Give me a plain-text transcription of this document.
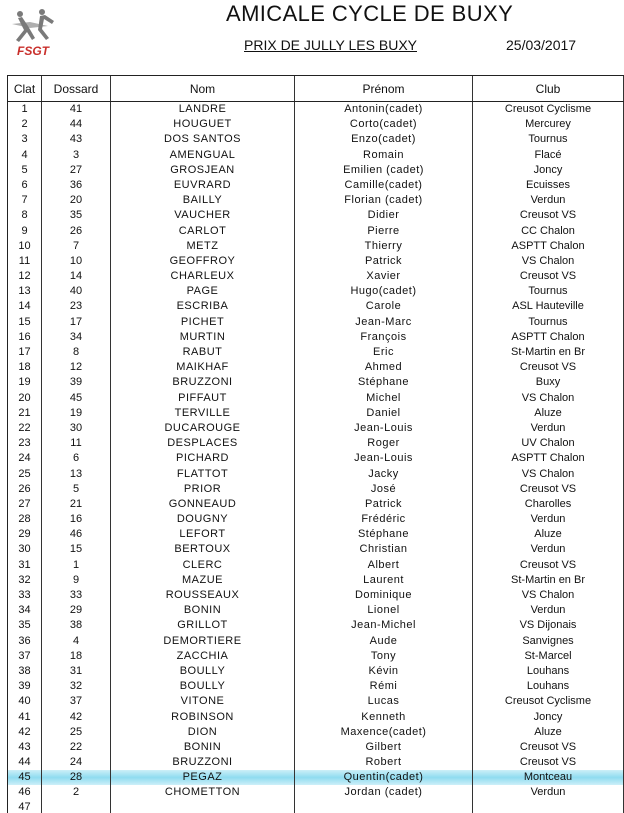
FSGT
AMICALE CYCLE DE BUXY
PRIX DE JULLY LES BUXY	25/03/2017
Clat	Dossard	Nom	Prénom	Club
1	41	LANDRE	Antonin(cadet)	Creusot Cyclisme
2	44	HOUGUET	Corto(cadet)	Mercurey
3	43	DOS SANTOS	Enzo(cadet)	Tournus
4	3	AMENGUAL	Romain	Flacé
5	27	GROSJEAN	Emilien (cadet)	Joncy
6	36	EUVRARD	Camille(cadet)	Ecuisses
7	20	BAILLY	Florian (cadet)	Verdun
8	35	VAUCHER	Didier	Creusot VS
9	26	CARLOT	Pierre	CC Chalon
10	7	METZ	Thierry	ASPTT Chalon
11	10	GEOFFROY	Patrick	VS Chalon
12	14	CHARLEUX	Xavier	Creusot VS
13	40	PAGE	Hugo(cadet)	Tournus
14	23	ESCRIBA	Carole	ASL Hauteville
15	17	PICHET	Jean-Marc	Tournus
16	34	MURTIN	François	ASPTT Chalon
17	8	RABUT	Eric	St-Martin en Br
18	12	MAIKHAF	Ahmed	Creusot VS
19	39	BRUZZONI	Stéphane	Buxy
20	45	PIFFAUT	Michel	VS Chalon
21	19	TERVILLE	Daniel	Aluze
22	30	DUCAROUGE	Jean-Louis	Verdun
23	11	DESPLACES	Roger	UV Chalon
24	6	PICHARD	Jean-Louis	ASPTT Chalon
25	13	FLATTOT	Jacky	VS Chalon
26	5	PRIOR	José	Creusot VS
27	21	GONNEAUD	Patrick	Charolles
28	16	DOUGNY	Frédéric	Verdun
29	46	LEFORT	Stéphane	Aluze
30	15	BERTOUX	Christian	Verdun
31	1	CLERC	Albert	Creusot VS
32	9	MAZUE	Laurent	St-Martin en Br
33	33	ROUSSEAUX	Dominique	VS Chalon
34	29	BONIN	Lionel	Verdun
35	38	GRILLOT	Jean-Michel	VS Dijonais
36	4	DEMORTIERE	Aude	Sanvignes
37	18	ZACCHIA	Tony	St-Marcel
38	31	BOULLY	Kévin	Louhans
39	32	BOULLY	Rémi	Louhans
40	37	VITONE	Lucas	Creusot Cyclisme
41	42	ROBINSON	Kenneth	Joncy
42	25	DION	Maxence(cadet)	Aluze
43	22	BONIN	Gilbert	Creusot VS
44	24	BRUZZONI	Robert	Creusot VS
45	28	PEGAZ	Quentin(cadet)	Montceau
46	2	CHOMETTON	Jordan (cadet)	Verdun
47
